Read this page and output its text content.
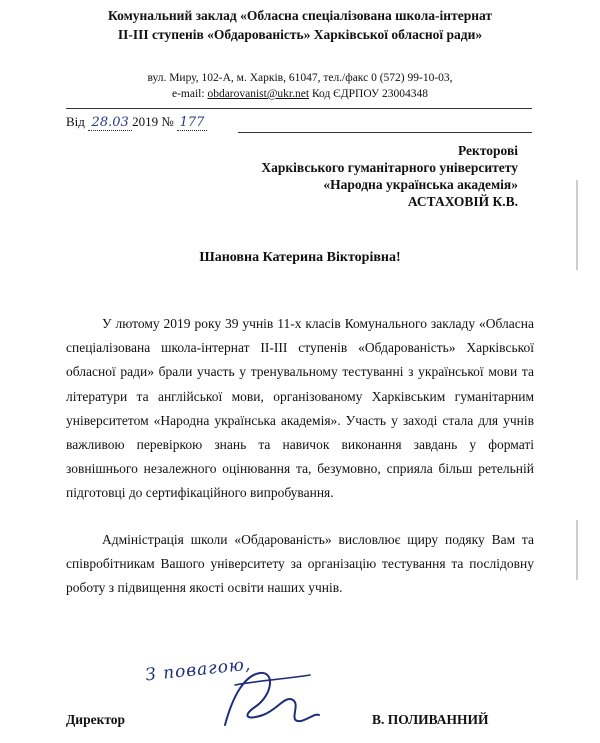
Комунальний заклад «Обласна спеціалізована школа-інтернат
ІІ-ІІІ ступенів «Обдарованість» Харківської обласної ради»
вул. Миру, 102-А, м. Харків, 61047, тел./факс 0 (572) 99-10-03,
e-mail: obdarovanist@ukr.net Код ЄДРПОУ 23004348
Від 28.03 2019 № 177
Ректорові
Харківського гуманітарного університету
«Народна українська академія»
АСТАХОВІЙ К.В.
Шановна Катерина Вікторівна!

У лютому 2019 року 39 учнів 11-х класів Комунального закладу «Обласна спеціалізована школа-інтернат ІІ-ІІІ ступенів «Обдарованість» Харківської обласної ради» брали участь у тренувальному тестуванні з української мови та літератури та англійської мови, організованому Харківським гуманітарним університетом «Народна українська академія». Участь у заході стала для учнів важливою перевіркою знань та навичок виконання завдань у форматі зовнішнього незалежного оцінювання та, безумовно, сприяла більш ретельній підготовці до сертифікаційного випробування.

Адміністрація школи «Обдарованість» висловлює щиру подяку Вам та співробітникам Вашого університету за організацію тестування та послідовну роботу з підвищення якості освіти наших учнів.

З повагою,
Директор	В. ПОЛИВАННИЙ
